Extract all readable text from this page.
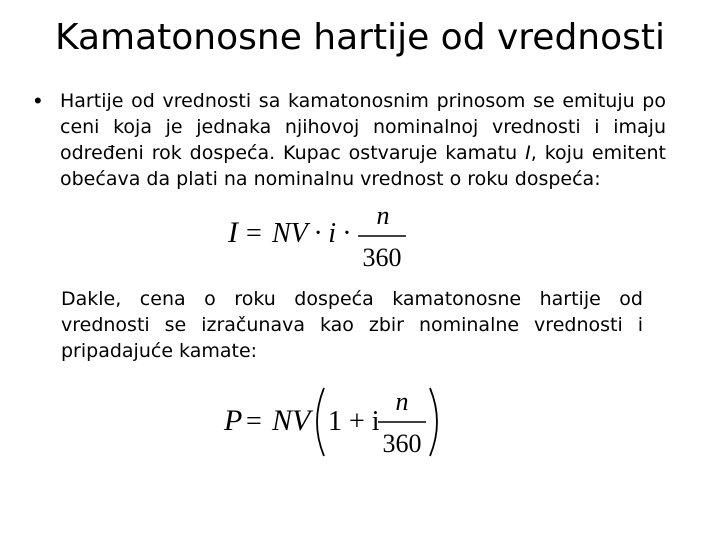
Kamatonosne hartije od vrednosti
• Hartije od vrednosti sa kamatonosnim prinosom se emituju po ceni koja je jednaka njihovoj nominalnoj vrednosti i imaju određeni rok dospeća. Kupac ostvaruje kamatu I, koju emitent obećava da plati na nominalnu vrednost o roku dospeća:

I = NV · i ·
n
360

Dakle, cena o roku dospeća kamatonosne hartije od vrednosti se izračunava kao zbir nominalne vrednosti i pripadajuće kamate:

P = NV 1 + i
n
360
